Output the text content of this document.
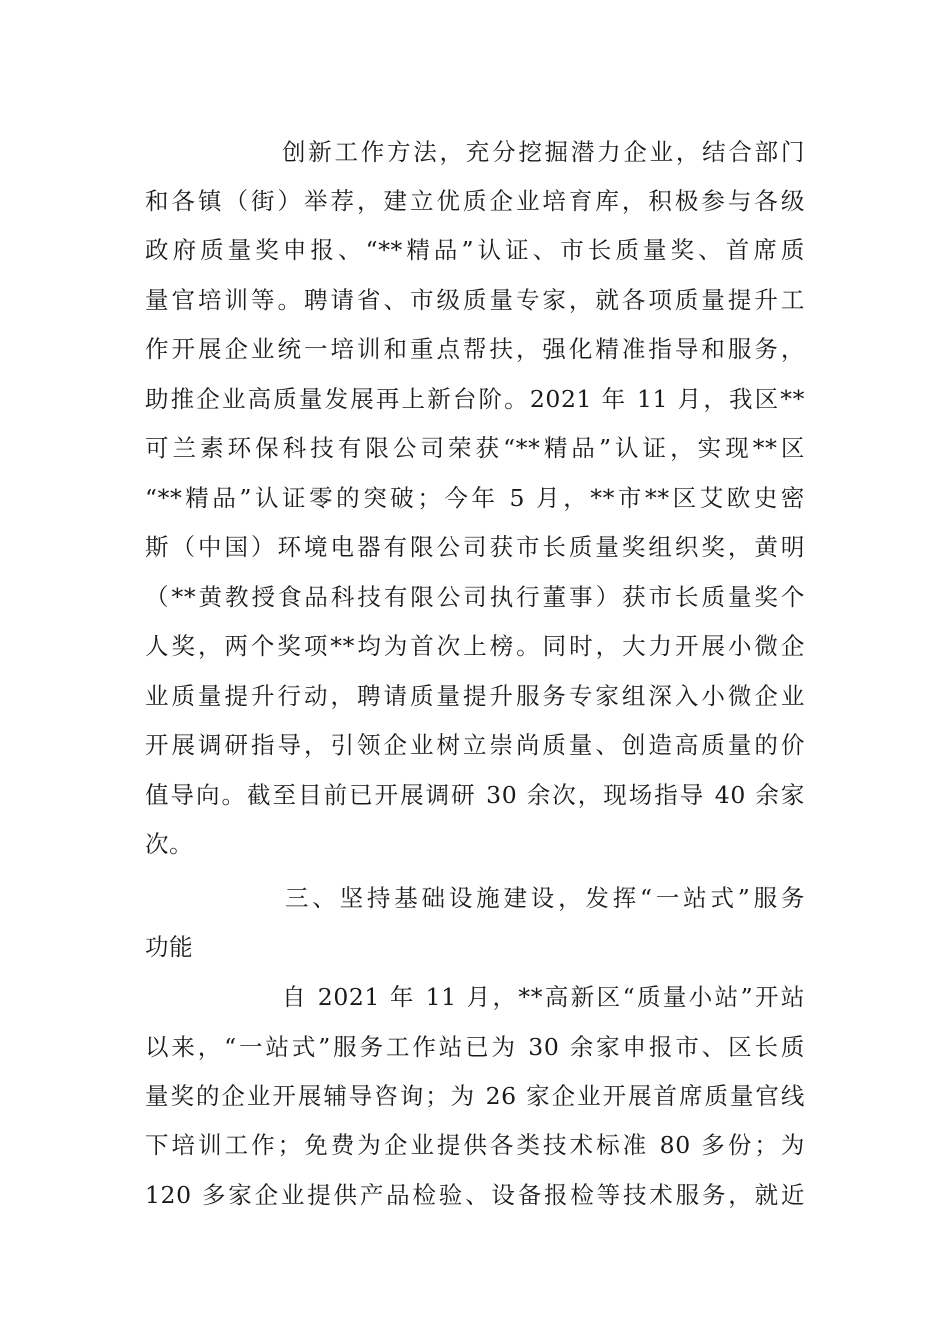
创新工作方法，充分挖掘潜力企业，结合部门
和各镇（街）举荐，建立优质企业培育库，积极参与各级
政府质量奖申报、“**精品”认证、市长质量奖、首席质
量官培训等。聘请省、市级质量专家，就各项质量提升工
作开展企业统一培训和重点帮扶，强化精准指导和服务，
助推企业高质量发展再上新台阶。2021 年 11 月，我区**
可兰素环保科技有限公司荣获“**精品”认证，实现**区
“**精品”认证零的突破；今年 5 月，**市**区艾欧史密
斯（中国）环境电器有限公司获市长质量奖组织奖，黄明
（**黄教授食品科技有限公司执行董事）获市长质量奖个
人奖，两个奖项**均为首次上榜。同时，大力开展小微企
业质量提升行动，聘请质量提升服务专家组深入小微企业
开展调研指导，引领企业树立崇尚质量、创造高质量的价
值导向。截至目前已开展调研 30 余次，现场指导 40 余家
次。
三、坚持基础设施建设，发挥“一站式”服务
功能
自 2021 年 11 月，**高新区“质量小站”开站
以来，“一站式”服务工作站已为 30 余家申报市、区长质
量奖的企业开展辅导咨询；为 26 家企业开展首席质量官线
下培训工作；免费为企业提供各类技术标准 80 多份；为
120 多家企业提供产品检验、设备报检等技术服务，就近
